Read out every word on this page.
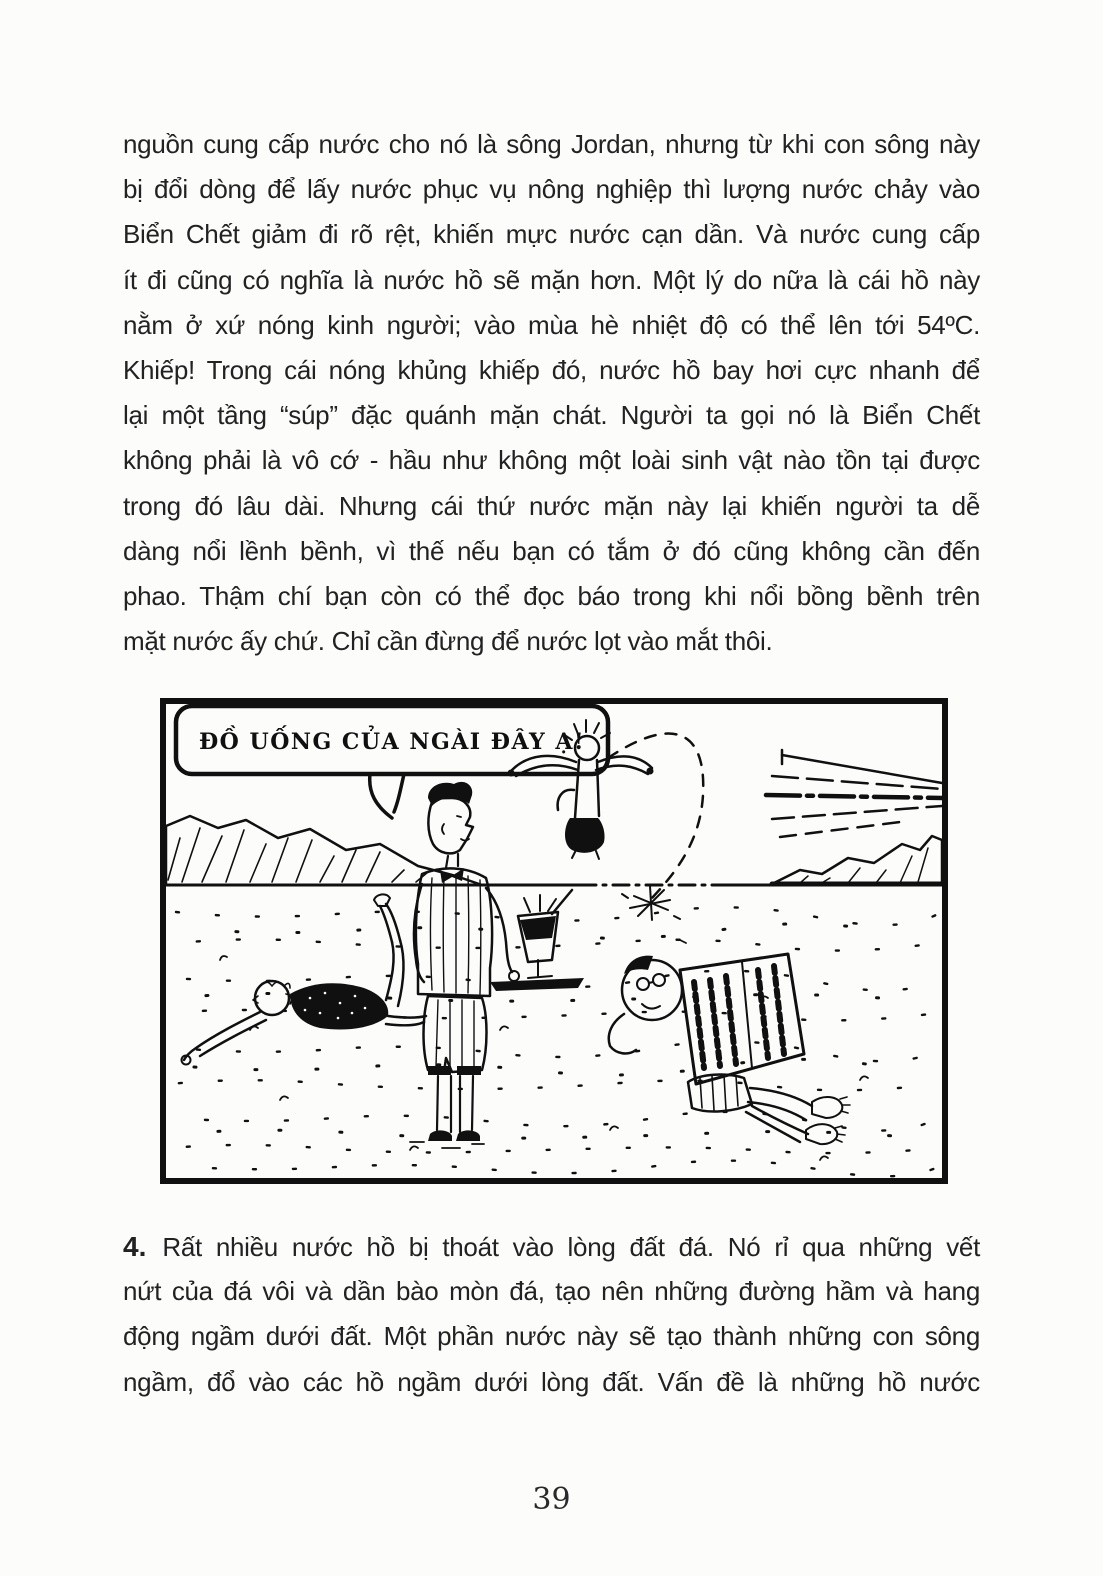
nguồn cung cấp nước cho nó là sông Jordan, nhưng từ khi con sông này
bị đổi dòng để lấy nước phục vụ nông nghiệp thì lượng nước chảy vào
Biển Chết giảm đi rõ rệt, khiến mực nước cạn dần. Và nước cung cấp
ít đi cũng có nghĩa là nước hồ sẽ mặn hơn. Một lý do nữa là cái hồ này
nằm ở xứ nóng kinh người; vào mùa hè nhiệt độ có thể lên tới 54ºC.
Khiếp! Trong cái nóng khủng khiếp đó, nước hồ bay hơi cực nhanh để
lại một tầng “súp” đặc quánh mặn chát. Người ta gọi nó là Biển Chết
không phải là vô cớ - hầu như không một loài sinh vật nào tồn tại được
trong đó lâu dài. Nhưng cái thứ nước mặn này lại khiến người ta dễ
dàng nổi lềnh bềnh, vì thế nếu bạn có tắm ở đó cũng không cần đến
phao. Thậm chí bạn còn có thể đọc báo trong khi nổi bồng bềnh trên
mặt nước ấy chứ. Chỉ cần đừng để nước lọt vào mắt thôi.
ĐỒ UỐNG CỦA NGÀI ĐÂY Ạ!
4. Rất nhiều nước hồ bị thoát vào lòng đất đá. Nó rỉ qua những vết
nứt của đá vôi và dần bào mòn đá, tạo nên những đường hầm và hang
động ngầm dưới đất. Một phần nước này sẽ tạo thành những con sông
ngầm, đổ vào các hồ ngầm dưới lòng đất. Vấn đề là những hồ nước
39
